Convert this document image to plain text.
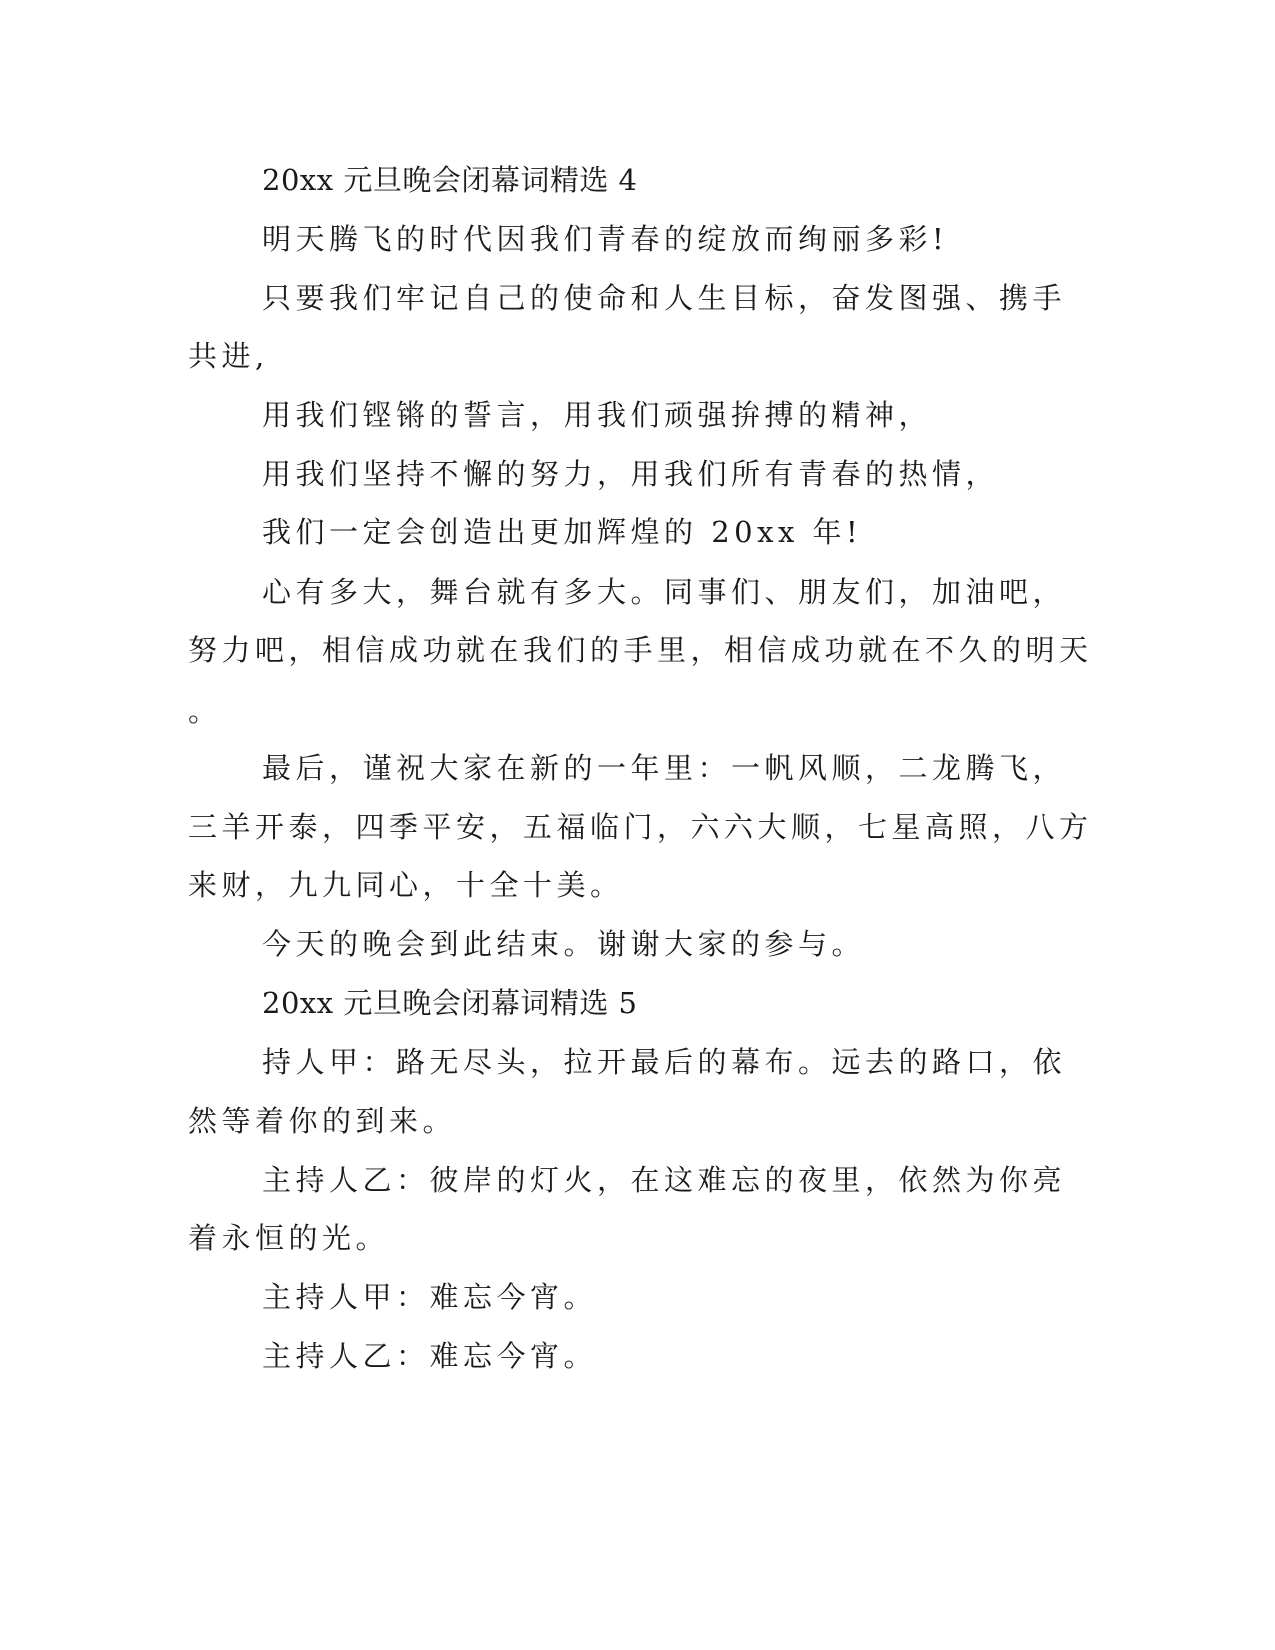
20xx 元旦晚会闭幕词精选 4

明天腾飞的时代因我们青春的绽放而绚丽多彩!

只要我们牢记自己的使命和人生目标，奋发图强、携手

共进,

用我们铿锵的誓言，用我们顽强拚搏的精神，

用我们坚持不懈的努力，用我们所有青春的热情，

我们一定会创造出更加辉煌的 20xx 年!

心有多大，舞台就有多大。同事们、朋友们，加油吧，

努力吧，相信成功就在我们的手里，相信成功就在不久的明天

。

最后，谨祝大家在新的一年里：一帆风顺，二龙腾飞，

三羊开泰，四季平安，五福临门，六六大顺，七星高照，八方

来财，九九同心，十全十美。

今天的晚会到此结束。谢谢大家的参与。

20xx 元旦晚会闭幕词精选 5

持人甲：路无尽头，拉开最后的幕布。远去的路口，依

然等着你的到来。

主持人乙：彼岸的灯火，在这难忘的夜里，依然为你亮

着永恒的光。

主持人甲：难忘今宵。

主持人乙：难忘今宵。
